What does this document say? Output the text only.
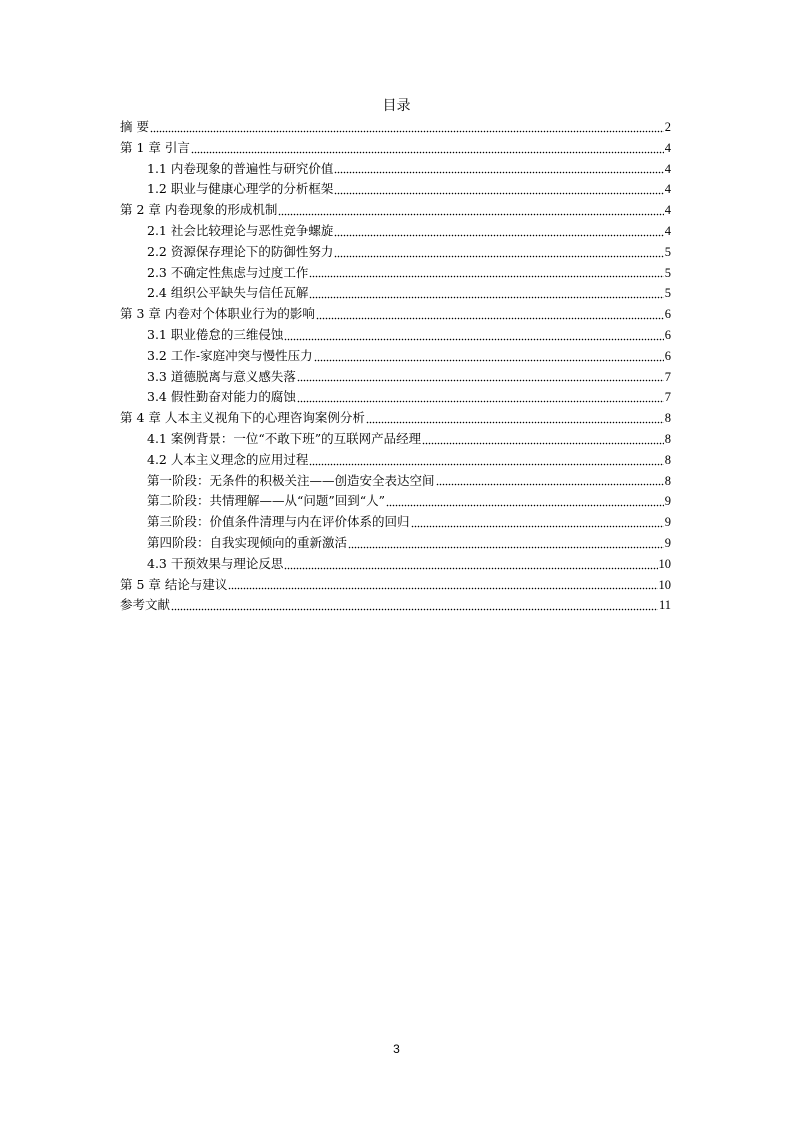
目录
摘 要	2
第 1 章 引言	4
1.1 内卷现象的普遍性与研究价值	4
1.2 职业与健康心理学的分析框架	4
第 2 章 内卷现象的形成机制	4
2.1 社会比较理论与恶性竞争螺旋	4
2.2 资源保存理论下的防御性努力	5
2.3 不确定性焦虑与过度工作	5
2.4 组织公平缺失与信任瓦解	5
第 3 章 内卷对个体职业行为的影响	6
3.1 职业倦怠的三维侵蚀	6
3.2 工作-家庭冲突与慢性压力	6
3.3 道德脱离与意义感失落	7
3.4 假性勤奋对能力的腐蚀	7
第 4 章 人本主义视角下的心理咨询案例分析	8
4.1 案例背景：一位“不敢下班”的互联网产品经理	8
4.2 人本主义理念的应用过程	8
第一阶段：无条件的积极关注——创造安全表达空间	8
第二阶段：共情理解——从“问题”回到“人”	9
第三阶段：价值条件清理与内在评价体系的回归	9
第四阶段：自我实现倾向的重新激活	9
4.3 干预效果与理论反思	10
第 5 章 结论与建议	10
参考文献	11
3
